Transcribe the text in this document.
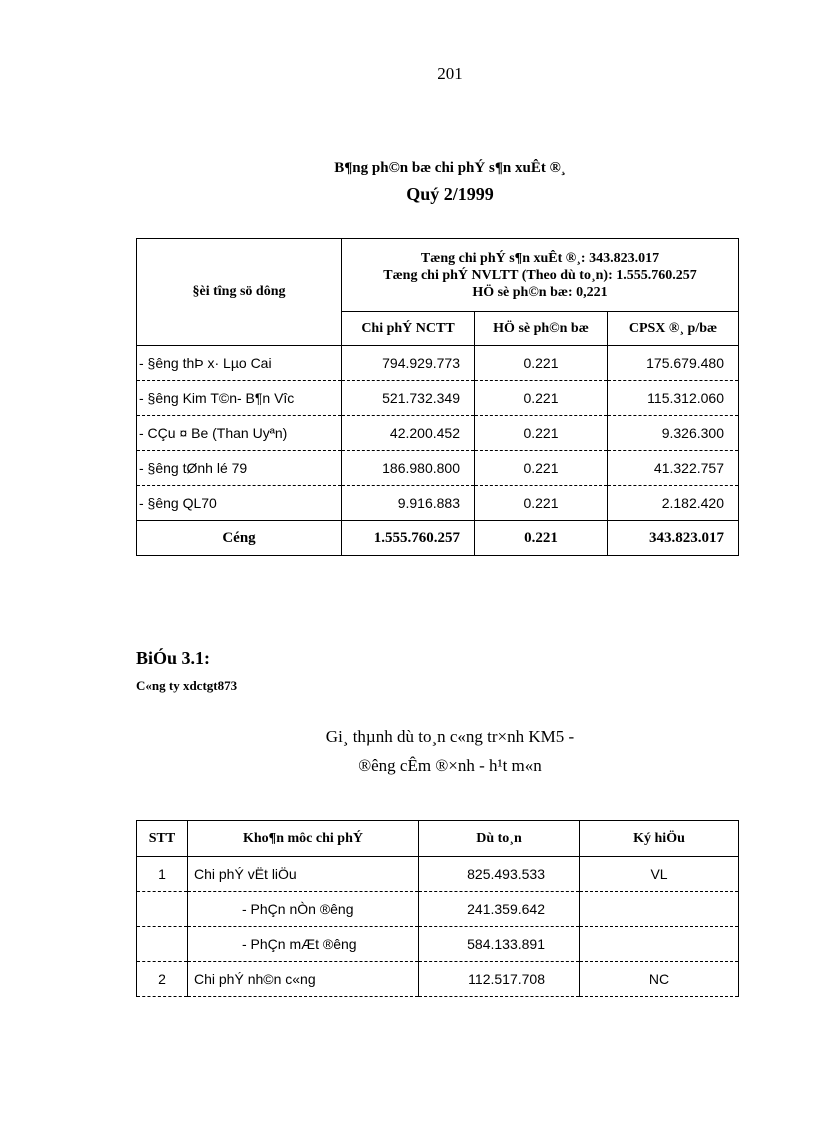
201
B¶ng ph©n bæ chi phÝ s¶n xuÊt ®¸
Quý 2/1999
§èi tîng sö dông	Tæng chi phÝ s¶n xuÊt ®¸: 343.823.017
Tæng chi phÝ NVLTT (Theo dù to¸n): 1.555.760.257
HÖ sè ph©n bæ: 0,221		

	Chi phÝ NCTT	HÖ sè ph©n bæ	CPSX ®¸ p/bæ
- §êng thÞ x· Lµo Cai	794.929.773	0.221	175.679.480
- §êng Kim T©n- B¶n Vîc	521.732.349	0.221	115.312.060
- CÇu ¤ Be (Than Uyªn)	42.200.452	0.221	9.326.300
- §êng tØnh lé 79	186.980.800	0.221	41.322.757
- §êng QL70	9.916.883	0.221	2.182.420
Céng	1.555.760.257	0.221	343.823.017
BiÓu 3.1:
C«ng ty xdctgt873
Gi¸ thµnh dù to¸n c«ng tr×nh KM5 -
®êng cÊm ®×nh - h¹t m«n
STT	Kho¶n môc chi phÝ	Dù to¸n	Ký hiÖu
1	Chi phÝ vËt liÖu	825.493.533	VL
	- PhÇn nÒn ®êng	241.359.642	
	- PhÇn mÆt ®êng	584.133.891	
2	Chi phÝ nh©n c«ng	112.517.708	NC
